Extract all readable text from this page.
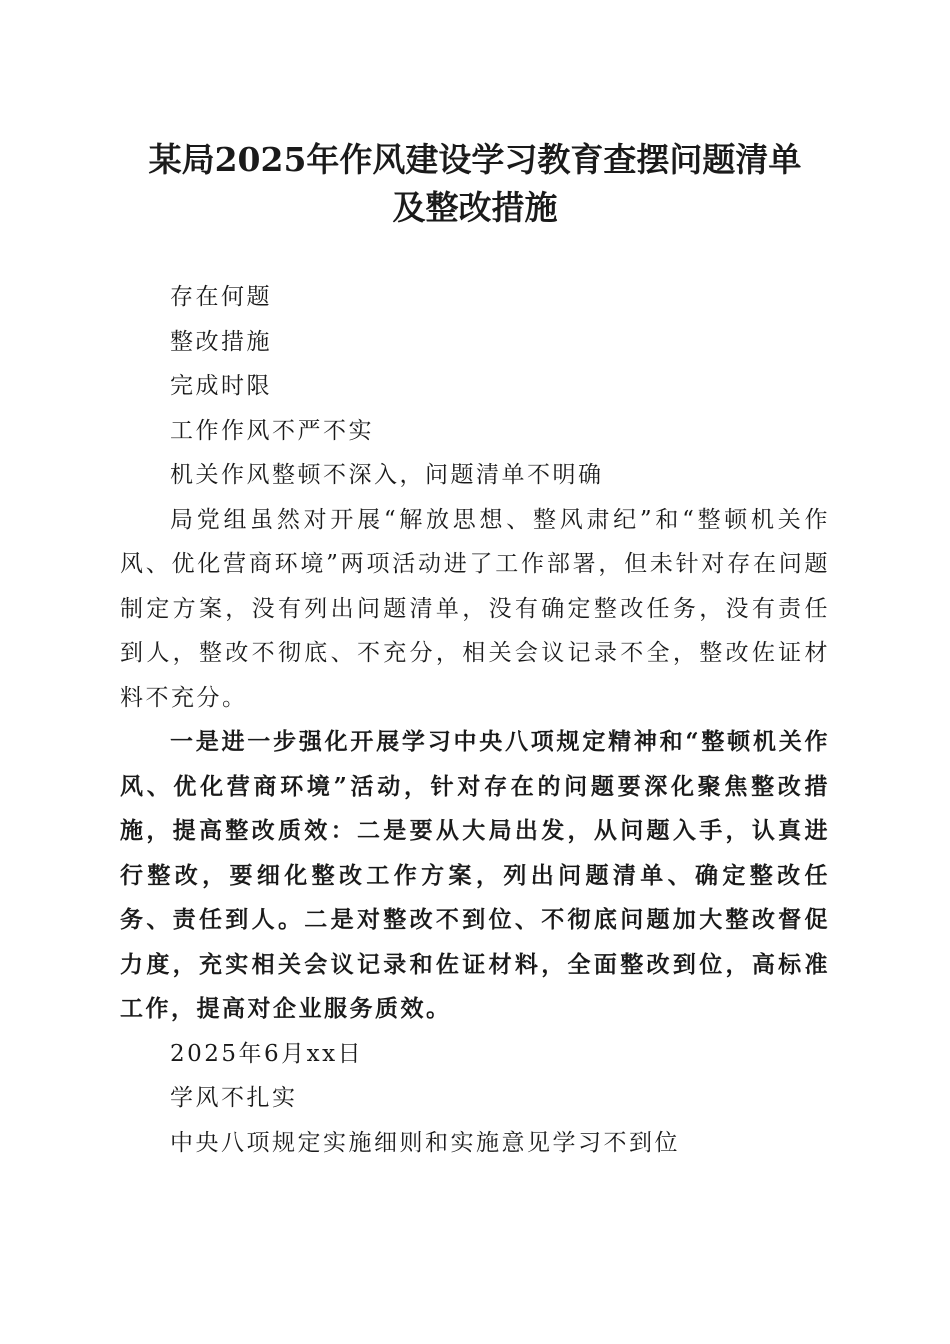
某局2025年作风建设学习教育查摆问题清单
及整改措施

存在何题

整改措施

完成时限

工作作风不严不实

机关作风整顿不深入，问题清单不明确

局党组虽然对开展“解放思想、整风肃纪”和“整顿机关作风、优化营商环境”两项活动进了工作部署，但未针对存在问题制定方案，没有列出问题清单，没有确定整改任务，没有责任到人，整改不彻底、不充分，相关会议记录不全，整改佐证材料不充分。

一是进一步强化开展学习中央八项规定精神和“整顿机关作风、优化营商环境”活动，针对存在的问题要深化聚焦整改措施，提高整改质效：二是要从大局出发，从问题入手，认真进行整改，要细化整改工作方案，列出问题清单、确定整改任务、责任到人。二是对整改不到位、不彻底问题加大整改督促力度，充实相关会议记录和佐证材料，全面整改到位，高标准工作，提高对企业服务质效。

2025年6月xx日

学风不扎实

中央八项规定实施细则和实施意见学习不到位
